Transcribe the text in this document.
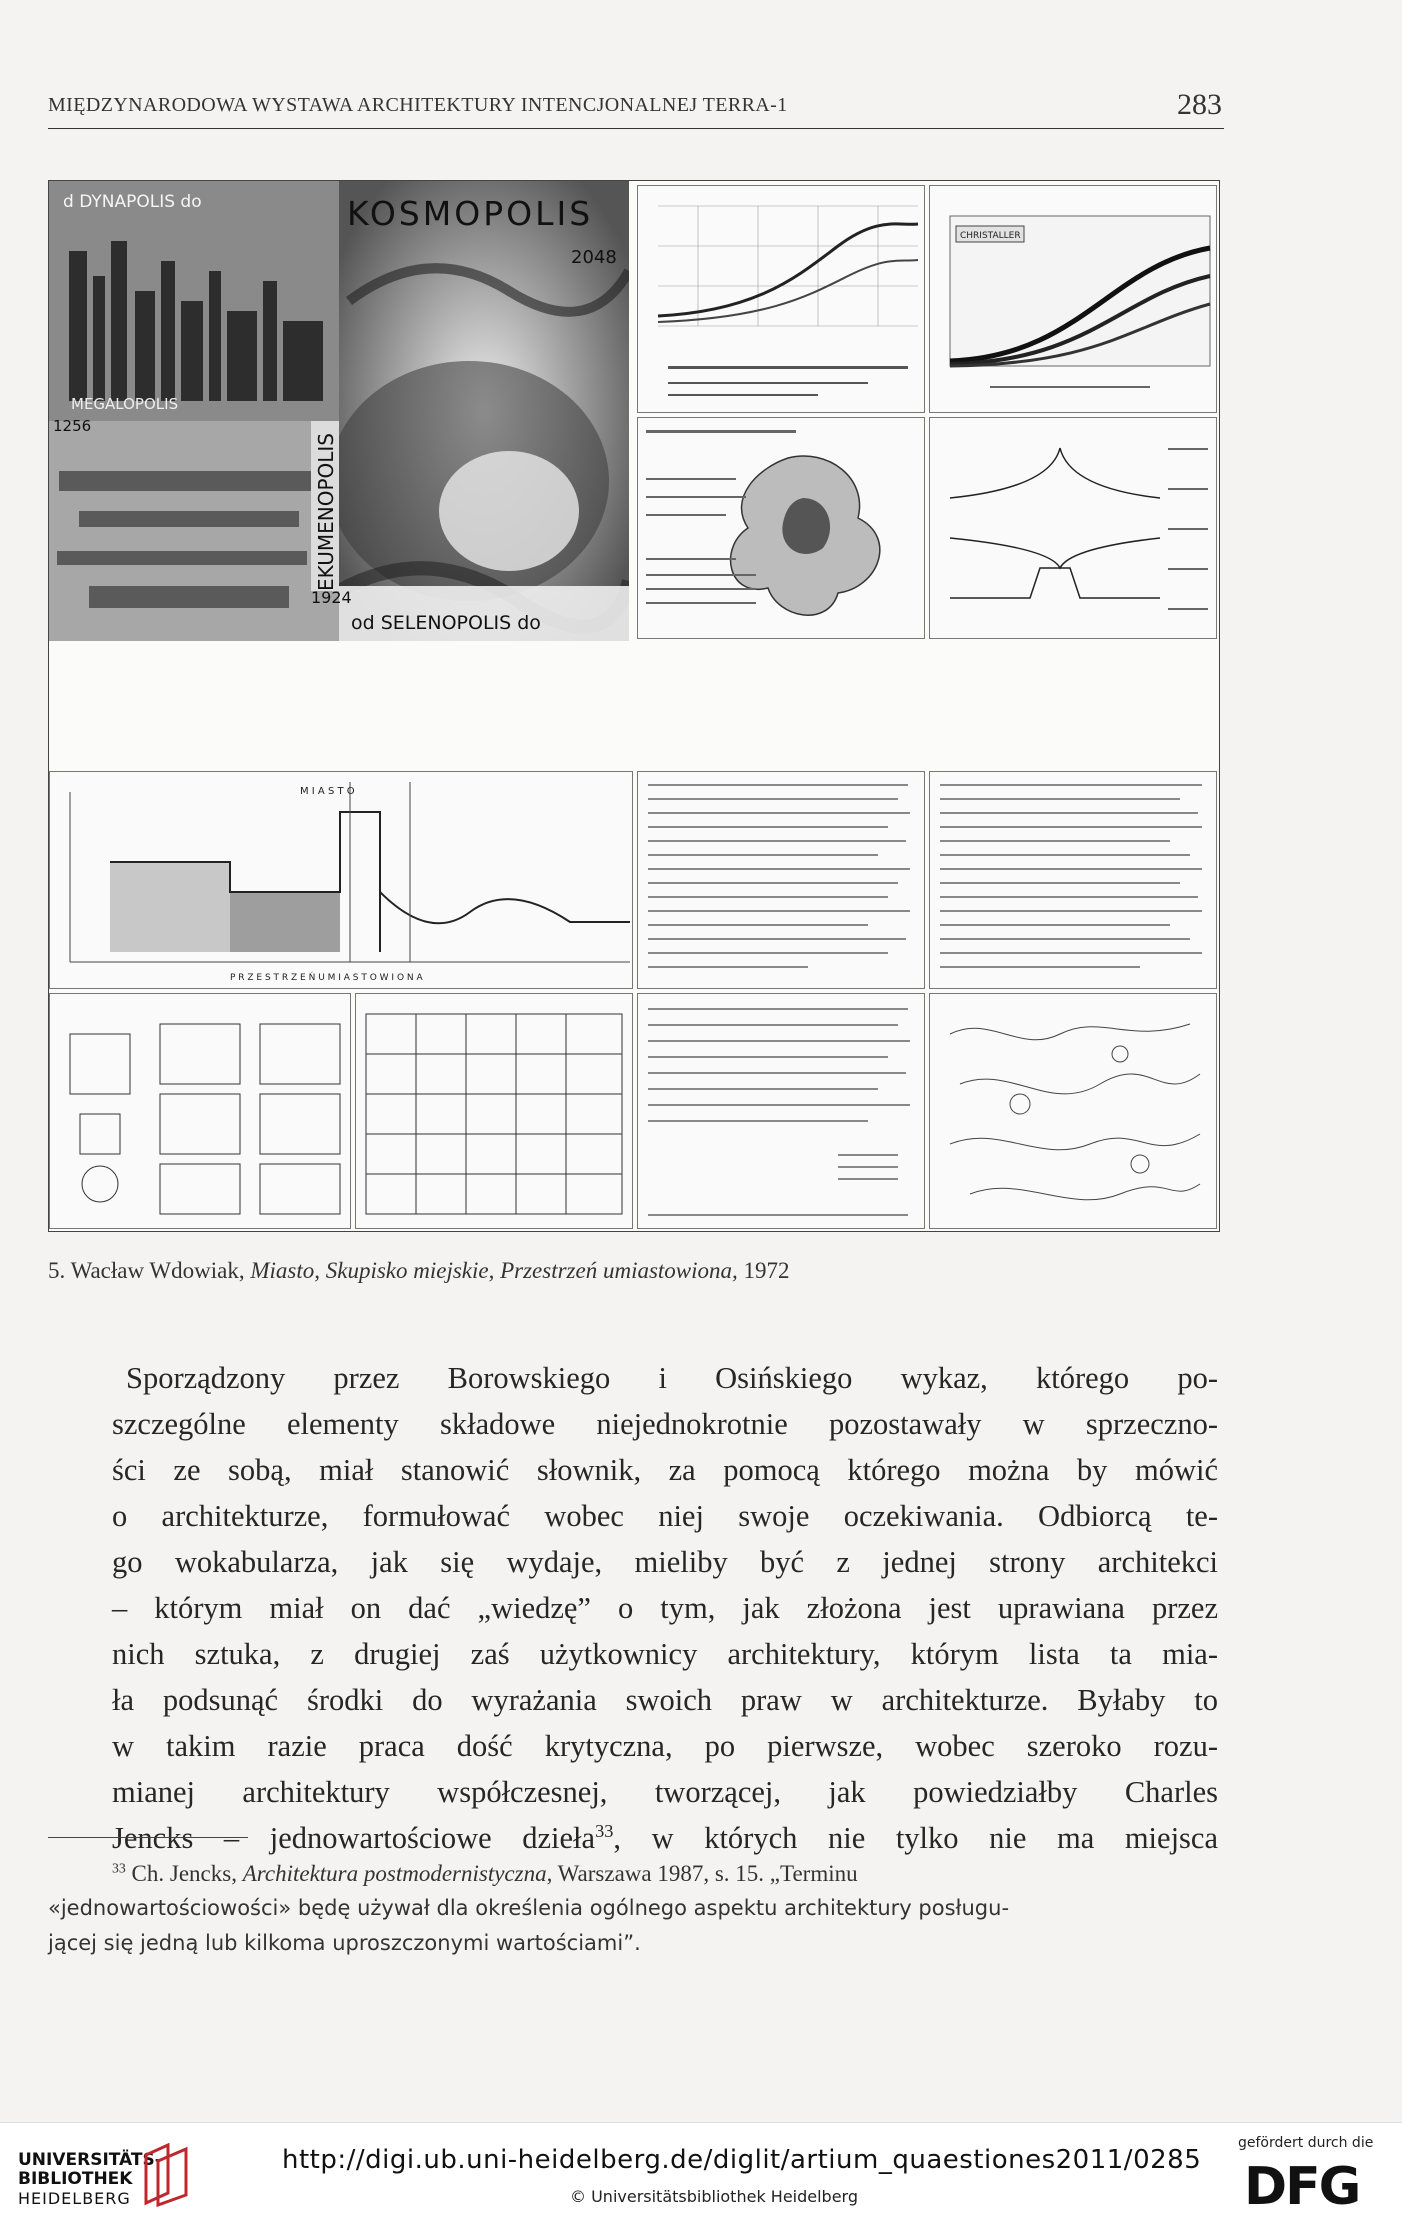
MIĘDZYNARODOWA WYSTAWA ARCHITEKTURY INTENCJONALNEJ TERRA-1	283
d DYNAPOLIS do	KOSMOPOLIS
2048
MEGALOPOLIS
1256
EKUMENOPOLIS
1924
od SELENOPOLIS do
CHRISTALLER
M I A S T O
P R Z E S T R Z E Ń U M I A S T O W I O N A
5. Wacław Wdowiak, Miasto, Skupisko miejskie, Przestrzeń umiastowiona, 1972
Sporządzony przez Borowskiego i Osińskiego wykaz, którego po-
szczególne elementy składowe niejednokrotnie pozostawały w sprzeczno-
ści ze sobą, miał stanowić słownik, za pomocą którego można by mówić
o architekturze, formułować wobec niej swoje oczekiwania. Odbiorcą te-
go wokabularza, jak się wydaje, mieliby być z jednej strony architekci
– którym miał on dać „wiedzę” o tym, jak złożona jest uprawiana przez
nich sztuka, z drugiej zaś użytkownicy architektury, którym lista ta mia-
ła podsunąć środki do wyrażania swoich praw w architekturze. Byłaby to
w takim razie praca dość krytyczna, po pierwsze, wobec szeroko rozu-
mianej architektury współczesnej, tworzącej, jak powiedziałby Charles
Jencks – jednowartościowe dzieła$^{33}$, w których nie tylko nie ma miejsca
$^{33}$ Ch. Jencks, Architektura postmodernistyczna, Warszawa 1987, s. 15. „Terminu
«jednowartościowości» będę używał dla określenia ogólnego aspektu architektury posługu-
jącej się jedną lub kilkoma uproszczonymi wartościami”.
UNIVERSITÄTS-
BIBLIOTHEK
HEIDELBERG
http://digi.ub.uni-heidelberg.de/diglit/artium_quaestiones2011/0285
© Universitätsbibliothek Heidelberg
gefördert durch die
DFG
